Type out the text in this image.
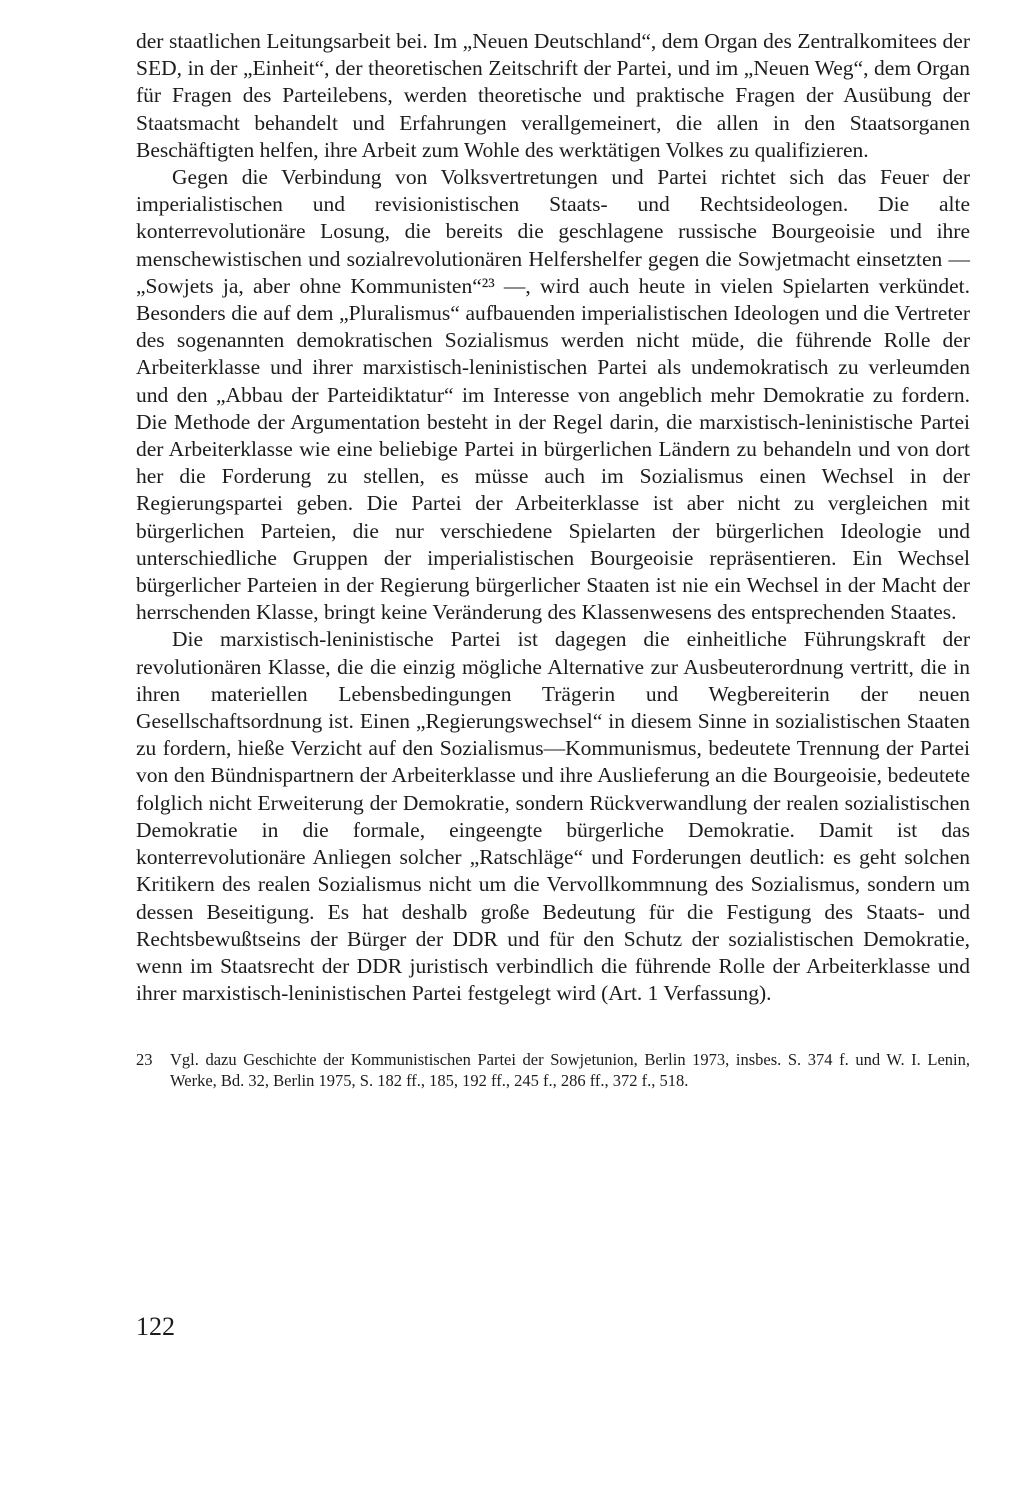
der staatlichen Leitungsarbeit bei. Im „Neuen Deutschland“, dem Organ des Zentralkomitees der SED, in der „Einheit“, der theoretischen Zeitschrift der Partei, und im „Neuen Weg“, dem Organ für Fragen des Parteilebens, werden theoretische und praktische Fragen der Ausübung der Staatsmacht behandelt und Erfahrungen verallgemeinert, die allen in den Staatsorganen Beschäftigten helfen, ihre Arbeit zum Wohle des werktätigen Volkes zu qualifizieren.

Gegen die Verbindung von Volksvertretungen und Partei richtet sich das Feuer der imperialistischen und revisionistischen Staats- und Rechtsideologen. Die alte konterrevolutionäre Losung, die bereits die geschlagene russische Bourgeoisie und ihre menschewistischen und sozialrevolutionären Helfershelfer gegen die Sowjetmacht einsetzten — „Sowjets ja, aber ohne Kommunisten“²³ —, wird auch heute in vielen Spielarten verkündet. Besonders die auf dem „Pluralismus“ aufbauenden imperialistischen Ideologen und die Vertreter des sogenannten demokratischen Sozialismus werden nicht müde, die führende Rolle der Arbeiterklasse und ihrer marxistisch-leninistischen Partei als undemokratisch zu verleumden und den „Abbau der Parteidiktatur“ im Interesse von angeblich mehr Demokratie zu fordern. Die Methode der Argumentation besteht in der Regel darin, die marxistisch-leninistische Partei der Arbeiterklasse wie eine beliebige Partei in bürgerlichen Ländern zu behandeln und von dort her die Forderung zu stellen, es müsse auch im Sozialismus einen Wechsel in der Regierungspartei geben. Die Partei der Arbeiterklasse ist aber nicht zu vergleichen mit bürgerlichen Parteien, die nur verschiedene Spielarten der bürgerlichen Ideologie und unterschiedliche Gruppen der imperialistischen Bourgeoisie repräsentieren. Ein Wechsel bürgerlicher Parteien in der Regierung bürgerlicher Staaten ist nie ein Wechsel in der Macht der herrschenden Klasse, bringt keine Veränderung des Klassenwesens des entsprechenden Staates.

Die marxistisch-leninistische Partei ist dagegen die einheitliche Führungskraft der revolutionären Klasse, die die einzig mögliche Alternative zur Ausbeuterordnung vertritt, die in ihren materiellen Lebensbedingungen Trägerin und Wegbereiterin der neuen Gesellschaftsordnung ist. Einen „Regierungswechsel“ in diesem Sinne in sozialistischen Staaten zu fordern, hieße Verzicht auf den Sozialismus—Kommunismus, bedeutete Trennung der Partei von den Bündnispartnern der Arbeiterklasse und ihre Auslieferung an die Bourgeoisie, bedeutete folglich nicht Erweiterung der Demokratie, sondern Rückverwandlung der realen sozialistischen Demokratie in die formale, eingeengte bürgerliche Demokratie. Damit ist das konterrevolutionäre Anliegen solcher „Ratschläge“ und Forderungen deutlich: es geht solchen Kritikern des realen Sozialismus nicht um die Vervollkommnung des Sozialismus, sondern um dessen Beseitigung. Es hat deshalb große Bedeutung für die Festigung des Staats- und Rechtsbewußtseins der Bürger der DDR und für den Schutz der sozialistischen Demokratie, wenn im Staatsrecht der DDR juristisch verbindlich die führende Rolle der Arbeiterklasse und ihrer marxistisch-leninistischen Partei festgelegt wird (Art. 1 Verfassung).

23 Vgl. dazu Geschichte der Kommunistischen Partei der Sowjetunion, Berlin 1973, insbes. S. 374 f. und W. I. Lenin, Werke, Bd. 32, Berlin 1975, S. 182 ff., 185, 192 ff., 245 f., 286 ff., 372 f., 518.
122
